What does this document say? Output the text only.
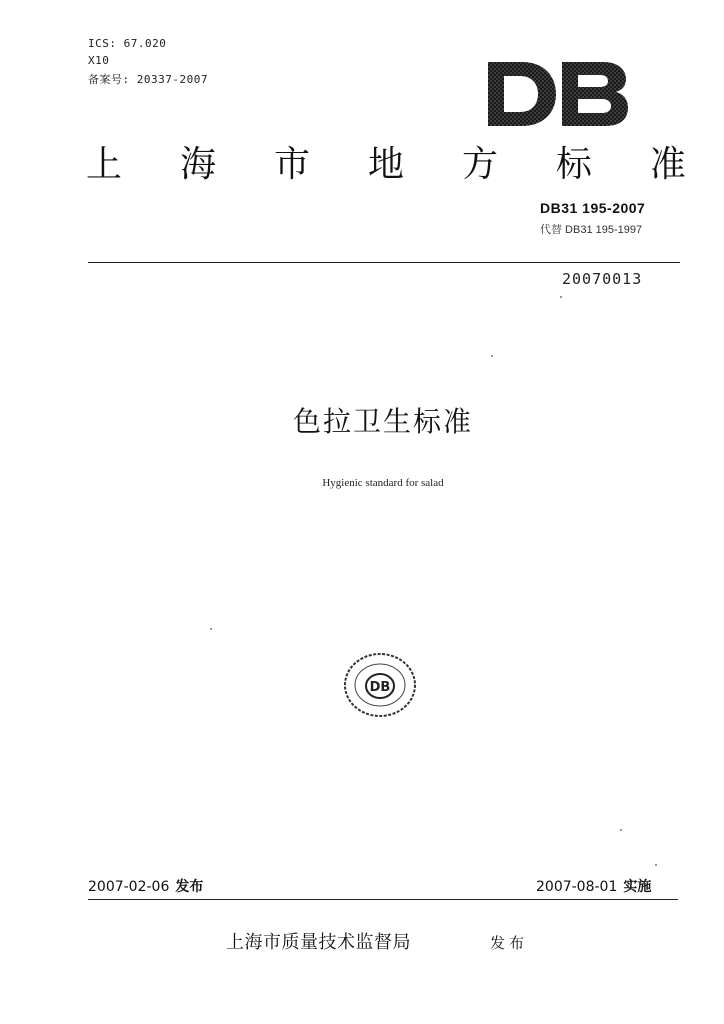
ICS: 67.020
X10
备案号: 20337-2007
上 海 市 地 方 标 准
DB31 195-2007
代替 DB31 195-1997
20070013
色拉卫生标准
Hygienic standard for salad
DB
2007-02-06 发布	2007-08-01 实施
上海市质量技术监督局	发布
